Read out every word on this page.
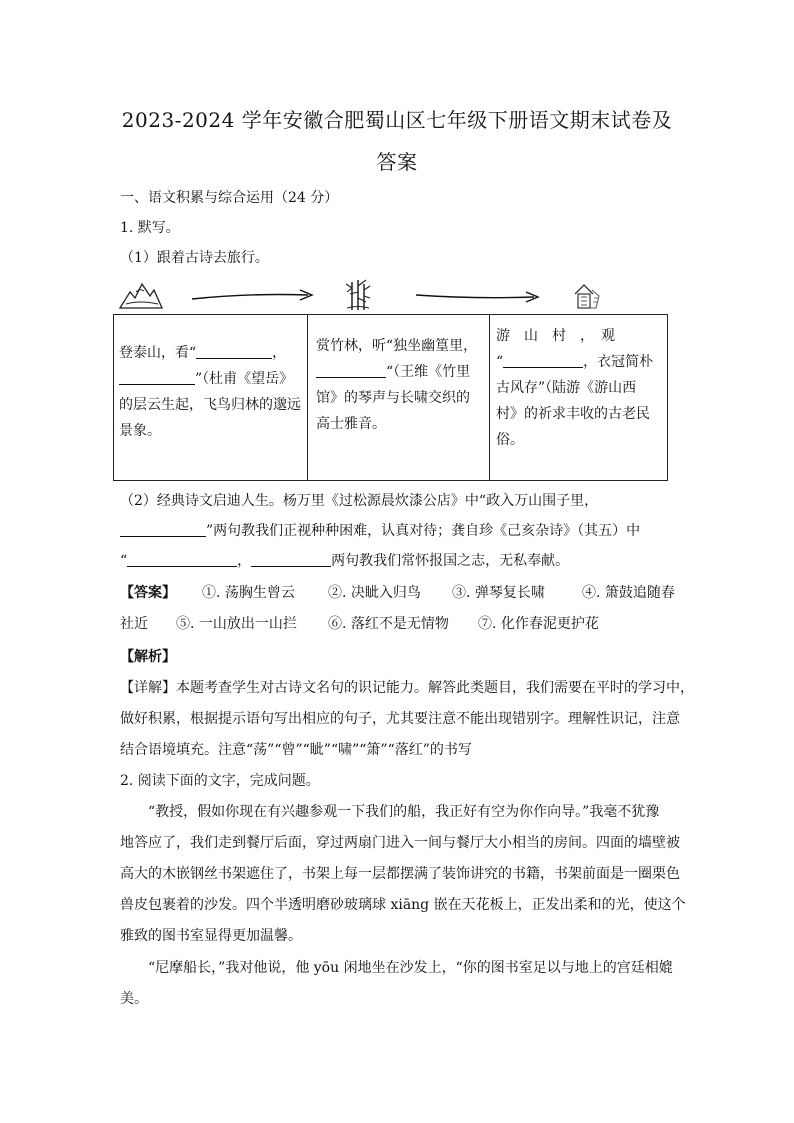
2023-2024 学年安徽合肥蜀山区七年级下册语文期末试卷及
答案
一、语文积累与综合运用（24 分）
1. 默写。
（1）跟着古诗去旅行。
登泰山，看“	，
”（杜甫《望岳》
的层云生起，飞鸟归林的邈远
景象。
赏竹林，听“独坐幽篁里，
“（王维《竹里
馆》的琴声与长啸交织的
高士雅音。
游　山　村　，　观
“	，衣冠简朴
古风存”（陆游《游山西
村》的祈求丰收的古老民
俗。
（2）经典诗文启迪人生。杨万里《过松源晨炊漆公店》中“政入万山围子里，
”两句教我们正视种种困难，认真对待；龚自珍《己亥杂诗》（其五）中
“	，	两句教我们常怀报国之志，无私奉献。
【答案】 ①. 荡胸生曾云 ②. 决眦入归鸟 ③. 弹琴复长啸	④. 箫鼓追随春
社近 ⑤. 一山放出一山拦 ⑥. 落红不是无情物 ⑦. 化作春泥更护花
【解析】
【详解】本题考查学生对古诗文名句的识记能力。解答此类题目，我们需要在平时的学习中，
做好积累，根据提示语句写出相应的句子，尤其要注意不能出现错别字。理解性识记，注意
结合语境填充。注意“荡”“曾”“眦”“啸”“箫”“落红”的书写
2. 阅读下面的文字，完成问题。
“教授，假如你现在有兴趣参观一下我们的船，我正好有空为你作向导。”我毫不犹豫
地答应了，我们走到餐厅后面，穿过两扇门进入一间与餐厅大小相当的房间。四面的墙壁被
高大的木嵌钢丝书架遮住了，书架上每一层都摆满了装饰讲究的书籍，书架前面是一圈栗色
兽皮包裹着的沙发。四个半透明磨砂玻璃球 xiāng 嵌在天花板上，正发出柔和的光，使这个
雅致的图书室显得更加温馨。
“尼摩船长，”我对他说，他 yōu 闲地坐在沙发上，“你的图书室足以与地上的宫廷相媲
美。
